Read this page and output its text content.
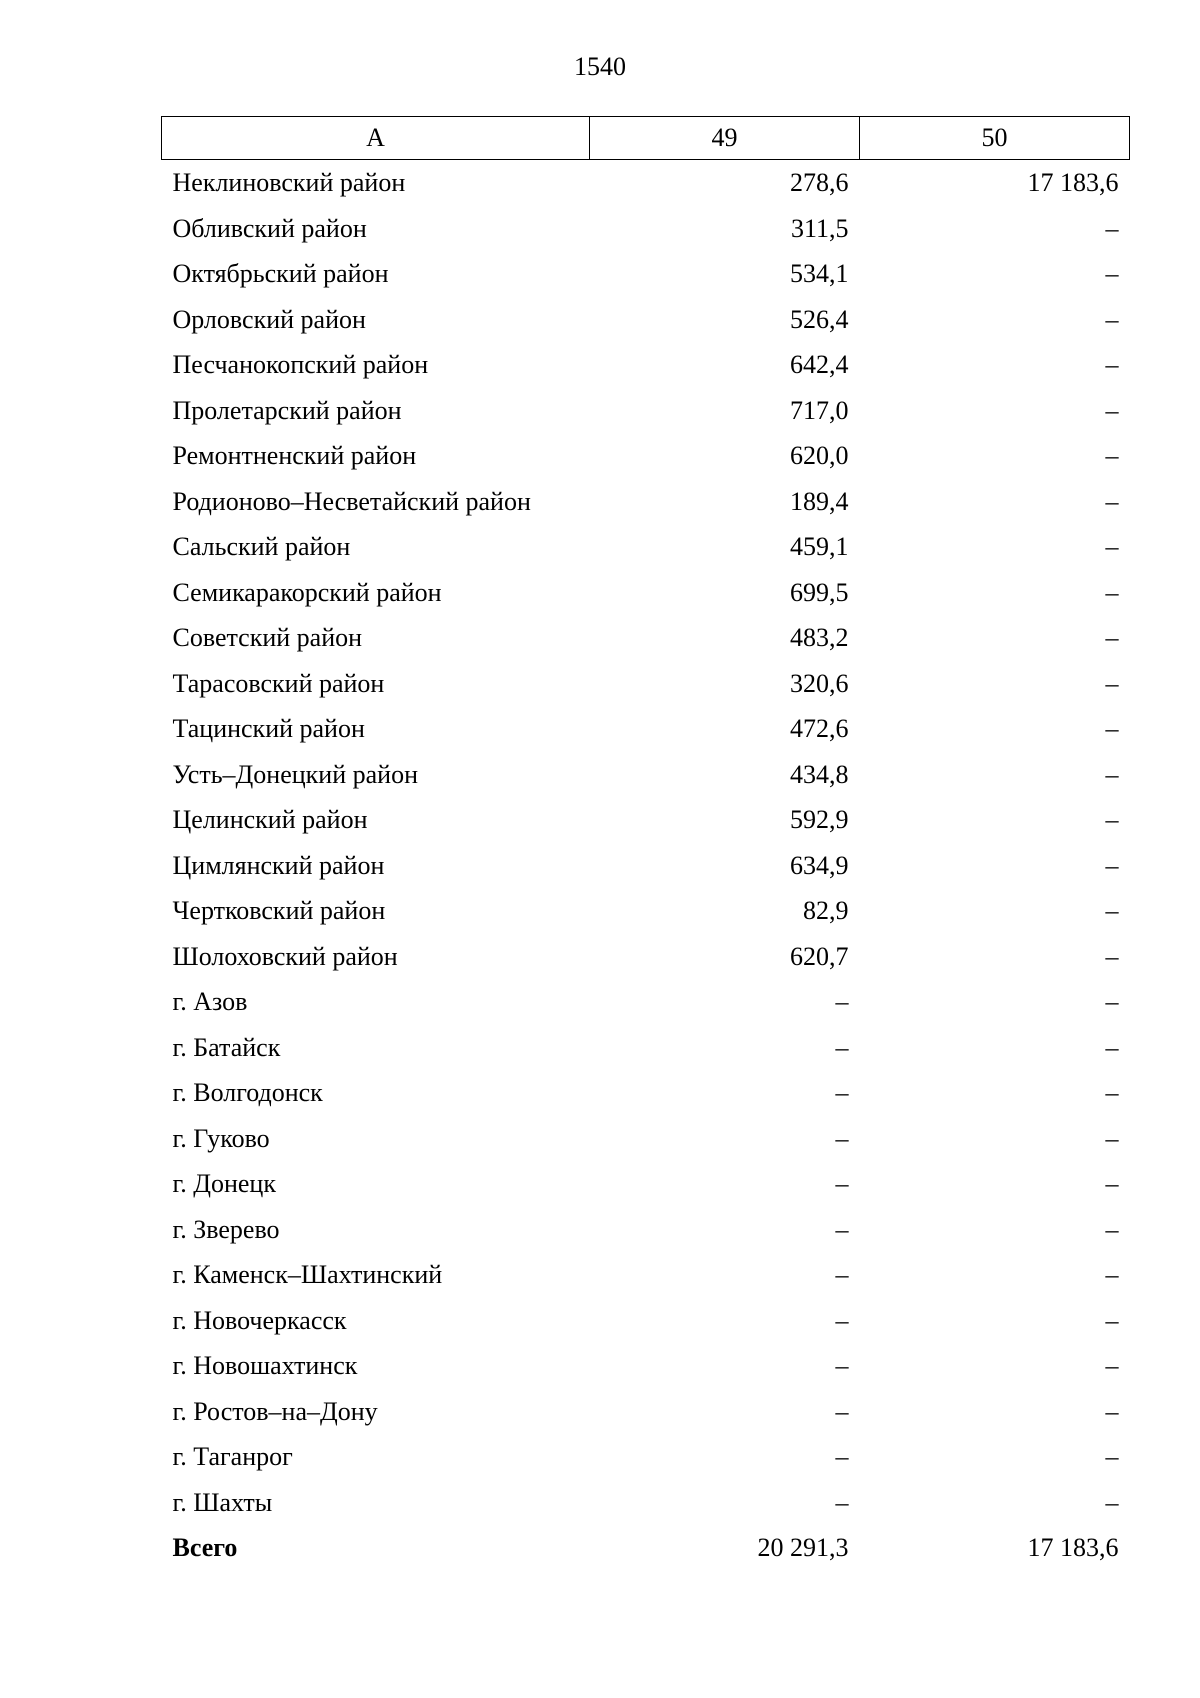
1540
А	49	50
Неклиновский район	278,6	17 183,6
Обливский район	311,5	–
Октябрьский район	534,1	–
Орловский район	526,4	–
Песчанокопский район	642,4	–
Пролетарский район	717,0	–
Ремонтненский район	620,0	–
Родионово–Несветайский район	189,4	–
Сальский район	459,1	–
Семикаракорский район	699,5	–
Советский район	483,2	–
Тарасовский район	320,6	–
Тацинский район	472,6	–
Усть–Донецкий район	434,8	–
Целинский район	592,9	–
Цимлянский район	634,9	–
Чертковский район	82,9	–
Шолоховский район	620,7	–
г. Азов	–	–
г. Батайск	–	–
г. Волгодонск	–	–
г. Гуково	–	–
г. Донецк	–	–
г. Зверево	–	–
г. Каменск–Шахтинский	–	–
г. Новочеркасск	–	–
г. Новошахтинск	–	–
г. Ростов–на–Дону	–	–
г. Таганрог	–	–
г. Шахты	–	–
Всего	20 291,3	17 183,6
